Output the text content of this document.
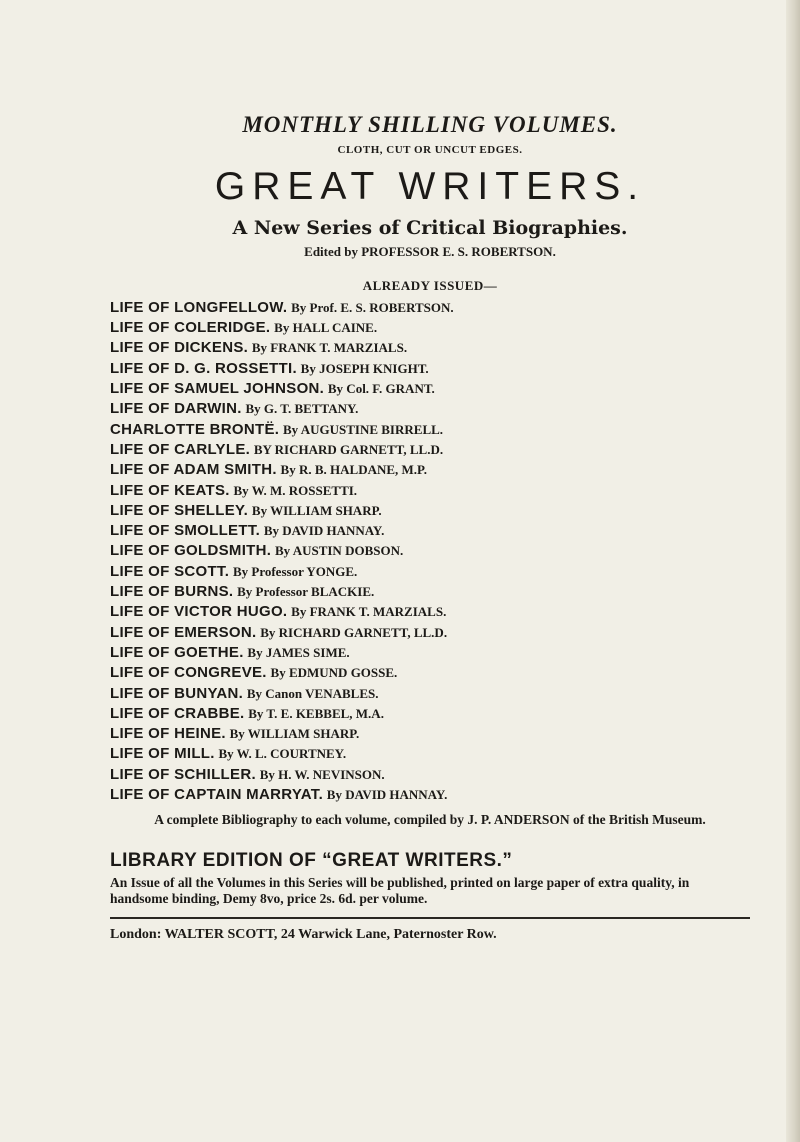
MONTHLY SHILLING VOLUMES.
CLOTH, CUT OR UNCUT EDGES.
GREAT WRITERS.
A New Series of Critical Biographies.
Edited by PROFESSOR E. S. ROBERTSON.
ALREADY ISSUED—
LIFE OF LONGFELLOW. By Prof. E. S. ROBERTSON.
LIFE OF COLERIDGE. By HALL CAINE.
LIFE OF DICKENS. By FRANK T. MARZIALS.
LIFE OF D. G. ROSSETTI. By JOSEPH KNIGHT.
LIFE OF SAMUEL JOHNSON. By Col. F. GRANT.
LIFE OF DARWIN. By G. T. BETTANY.
CHARLOTTE BRONTË. By AUGUSTINE BIRRELL.
LIFE OF CARLYLE. BY RICHARD GARNETT, LL.D.
LIFE OF ADAM SMITH. By R. B. HALDANE, M.P.
LIFE OF KEATS. By W. M. ROSSETTI.
LIFE OF SHELLEY. By WILLIAM SHARP.
LIFE OF SMOLLETT. By DAVID HANNAY.
LIFE OF GOLDSMITH. By AUSTIN DOBSON.
LIFE OF SCOTT. By Professor YONGE.
LIFE OF BURNS. By Professor BLACKIE.
LIFE OF VICTOR HUGO. By FRANK T. MARZIALS.
LIFE OF EMERSON. By RICHARD GARNETT, LL.D.
LIFE OF GOETHE. By JAMES SIME.
LIFE OF CONGREVE. By EDMUND GOSSE.
LIFE OF BUNYAN. By Canon VENABLES.
LIFE OF CRABBE. By T. E. KEBBEL, M.A.
LIFE OF HEINE. By WILLIAM SHARP.
LIFE OF MILL. By W. L. COURTNEY.
LIFE OF SCHILLER. By H. W. NEVINSON.
LIFE OF CAPTAIN MARRYAT. By DAVID HANNAY.
A complete Bibliography to each volume, compiled by J. P. ANDERSON of the British Museum.
LIBRARY EDITION OF “GREAT WRITERS.”
An Issue of all the Volumes in this Series will be published, printed on large paper of extra quality, in handsome binding, Demy 8vo, price 2s. 6d. per volume.
London: WALTER SCOTT, 24 Warwick Lane, Paternoster Row.
